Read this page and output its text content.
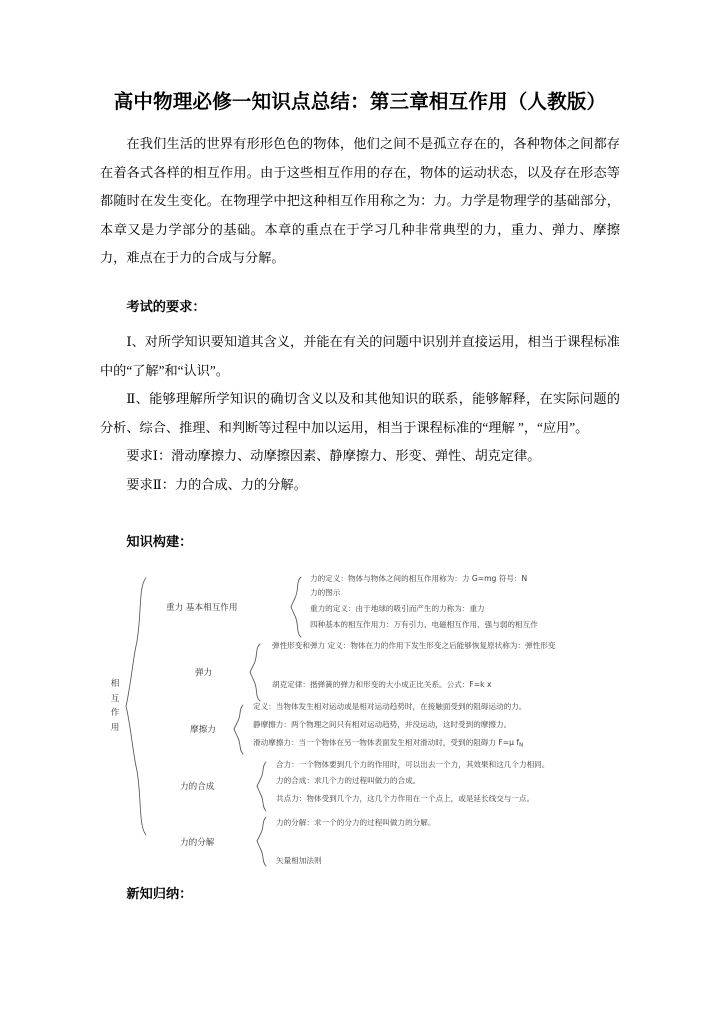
高中物理必修一知识点总结：第三章相互作用（人教版）
在我们生活的世界有形形色色的物体，他们之间不是孤立存在的，各种物体之间都存在着各式各样的相互作用。由于这些相互作用的存在，物体的运动状态，以及存在形态等都随时在发生变化。在物理学中把这种相互作用称之为：力。力学是物理学的基础部分，本章又是力学部分的基础。本章的重点在于学习几种非常典型的力，重力、弹力、摩擦力，难点在于力的合成与分解。
考试的要求：
Ⅰ、对所学知识要知道其含义，并能在有关的问题中识别并直接运用，相当于课程标准中的“了解”和“认识”。
Ⅱ、能够理解所学知识的确切含义以及和其他知识的联系，能够解释，在实际问题的分析、综合、推理、和判断等过程中加以运用，相当于课程标准的“理解 ”，“应用”。
要求Ⅰ：滑动摩擦力、动摩擦因素、静摩擦力、形变、弹性、胡克定律。
要求Ⅱ：力的合成、力的分解。
知识构建：
相
互
作
用
重力 基本相互作用
力的定义：物体与物体之间的相互作用称为：力 G=mg 符号：N
力的图示
重力的定义：由于地球的吸引而产生的力称为：重力
四种基本的相互作用力：万有引力、电磁相互作用、强与弱的相互作
弹力
弹性形变和弹力 定义：物体在力的作用下发生形变之后能够恢复原状称为：弹性形变
胡克定律：揩弹簧的弹力和形变的大小成正比关系。公式：F=k x
摩擦力
定义：当物体发生相对运动或是相对运动趋势时，在接触面受到的阻碍运动的力。
静摩擦力：两个物理之间只有相对运动趋势，并没运动，这时受到的摩擦力。
滑动摩擦力：当一个物体在另一物体表面发生相对滑动时，受到的阻碍力 F=μ $f_N$
力的合成
合力：一个物体要到几个力的作用时，可以出去一个力，其效果和这几个力相同。
力的合成：求几个力的过程叫做力的合成。
共点力：物体受到几个力，这几个力作用在一个点上，或是延长线交与一点。
力的分解
力的分解：求一个的分力的过程叫做力的分解。
矢量相加法则
新知归纳：
